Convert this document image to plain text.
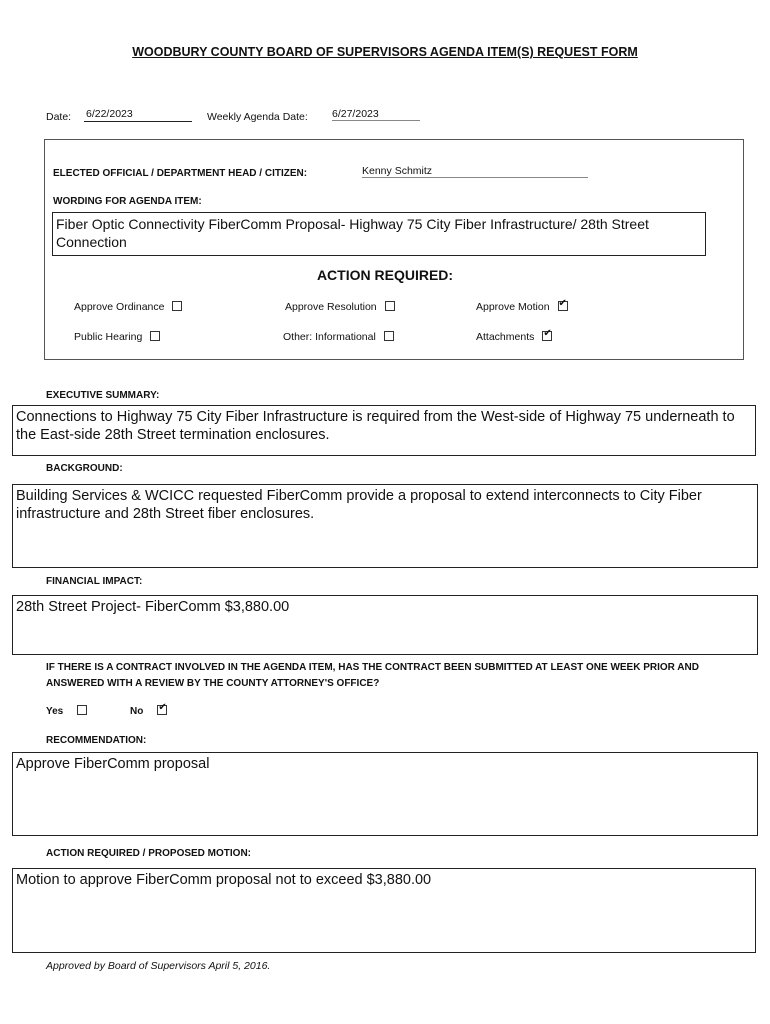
WOODBURY COUNTY BOARD OF SUPERVISORS AGENDA ITEM(S) REQUEST FORM
Date: 6/22/2023	Weekly Agenda Date: 6/27/2023
ELECTED OFFICIAL / DEPARTMENT HEAD / CITIZEN:	Kenny Schmitz
WORDING FOR AGENDA ITEM:
Fiber Optic Connectivity FiberComm Proposal- Highway 75 City Fiber Infrastructure/ 28th Street Connection
ACTION REQUIRED:
Approve Ordinance	Approve Resolution	Approve Motion✔
Public Hearing	Other: Informational	Attachments✔
EXECUTIVE SUMMARY:
Connections to Highway 75 City Fiber Infrastructure is required from the West-side of Highway 75 underneath to the East-side 28th Street termination enclosures.
BACKGROUND:
Building Services & WCICC requested FiberComm provide a proposal to extend interconnects to City Fiber infrastructure and 28th Street fiber enclosures.
FINANCIAL IMPACT:
28th Street Project- FiberComm $3,880.00
IF THERE IS A CONTRACT INVOLVED IN THE AGENDA ITEM, HAS THE CONTRACT BEEN SUBMITTED AT LEAST ONE WEEK PRIOR AND ANSWERED WITH A REVIEW BY THE COUNTY ATTORNEY'S OFFICE?
Yes	No✔
RECOMMENDATION:
Approve FiberComm proposal
ACTION REQUIRED / PROPOSED MOTION:
Motion to approve FiberComm proposal not to exceed $3,880.00
Approved by Board of Supervisors April 5, 2016.
